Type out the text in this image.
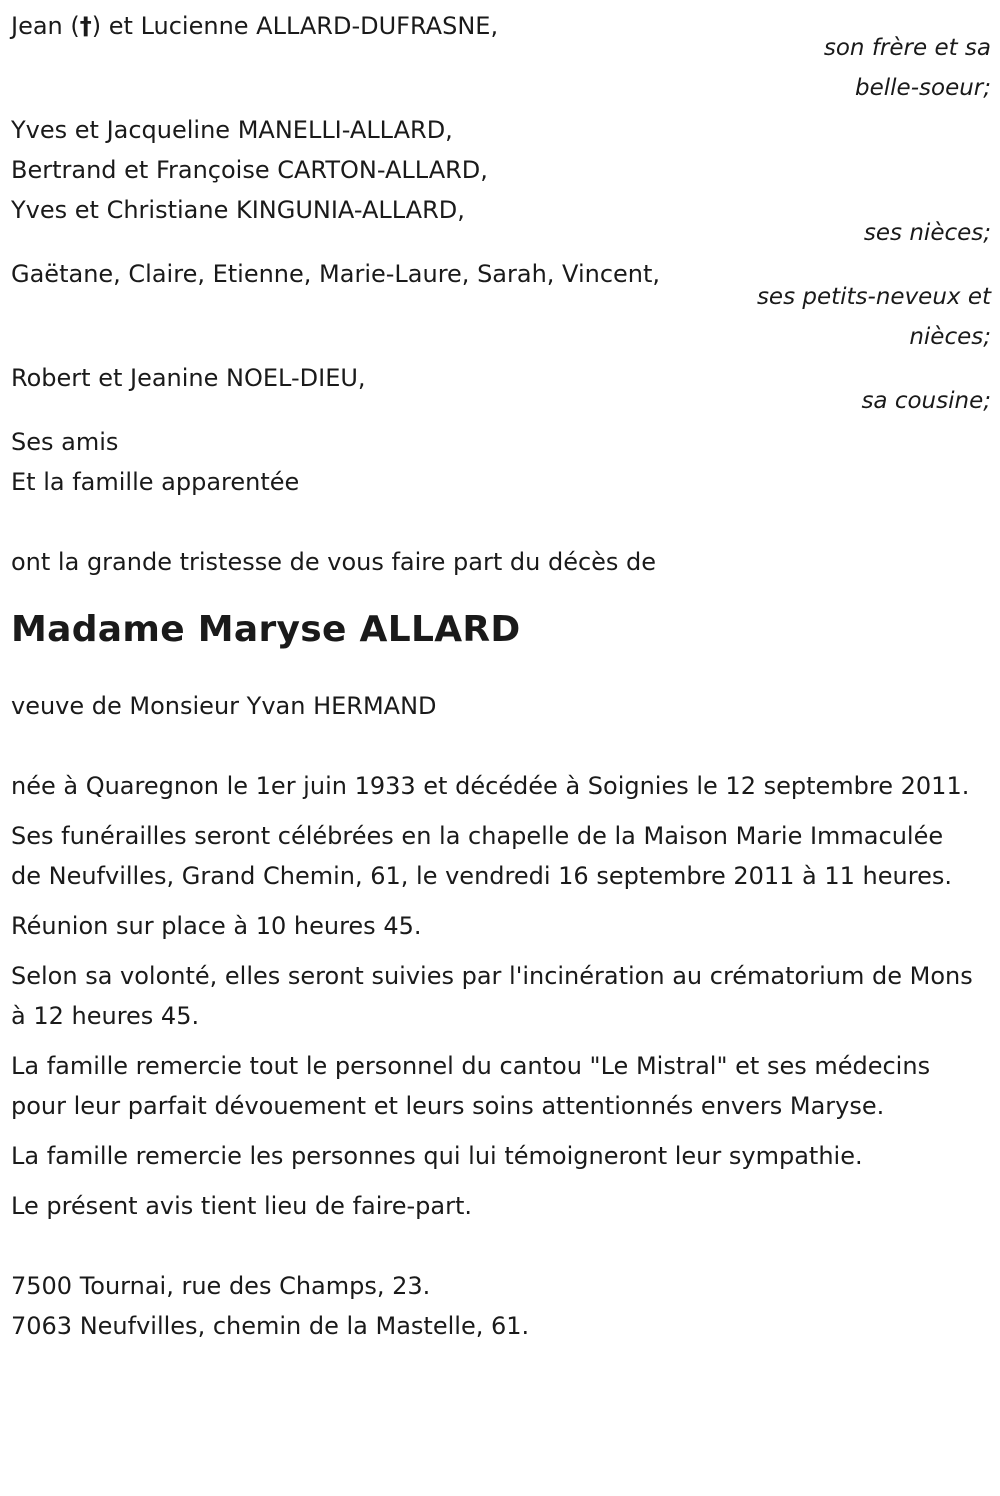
Jean (†) et Lucienne ALLARD-DUFRASNE,
son frère et sa
belle-soeur;
Yves et Jacqueline MANELLI-ALLARD,
Bertrand et Françoise CARTON-ALLARD,
Yves et Christiane KINGUNIA-ALLARD,
ses nièces;
Gaëtane, Claire, Etienne, Marie-Laure, Sarah, Vincent,
ses petits-neveux et
nièces;
Robert et Jeanine NOEL-DIEU,
sa cousine;
Ses amis
Et la famille apparentée
ont la grande tristesse de vous faire part du décès de
Madame Maryse ALLARD
veuve de Monsieur Yvan HERMAND
née à Quaregnon le 1er juin 1933 et décédée à Soignies le 12 septembre 2011.
Ses funérailles seront célébrées en la chapelle de la Maison Marie Immaculée de Neufvilles, Grand Chemin, 61, le vendredi 16 septembre 2011 à 11 heures.
Réunion sur place à 10 heures 45.
Selon sa volonté, elles seront suivies par l'incinération au crématorium de Mons à 12 heures 45.
La famille remercie tout le personnel du cantou "Le Mistral" et ses médecins pour leur parfait dévouement et leurs soins attentionnés envers Maryse.
La famille remercie les personnes qui lui témoigneront leur sympathie.
Le présent avis tient lieu de faire-part.
7500 Tournai, rue des Champs, 23.
7063 Neufvilles, chemin de la Mastelle, 61.
